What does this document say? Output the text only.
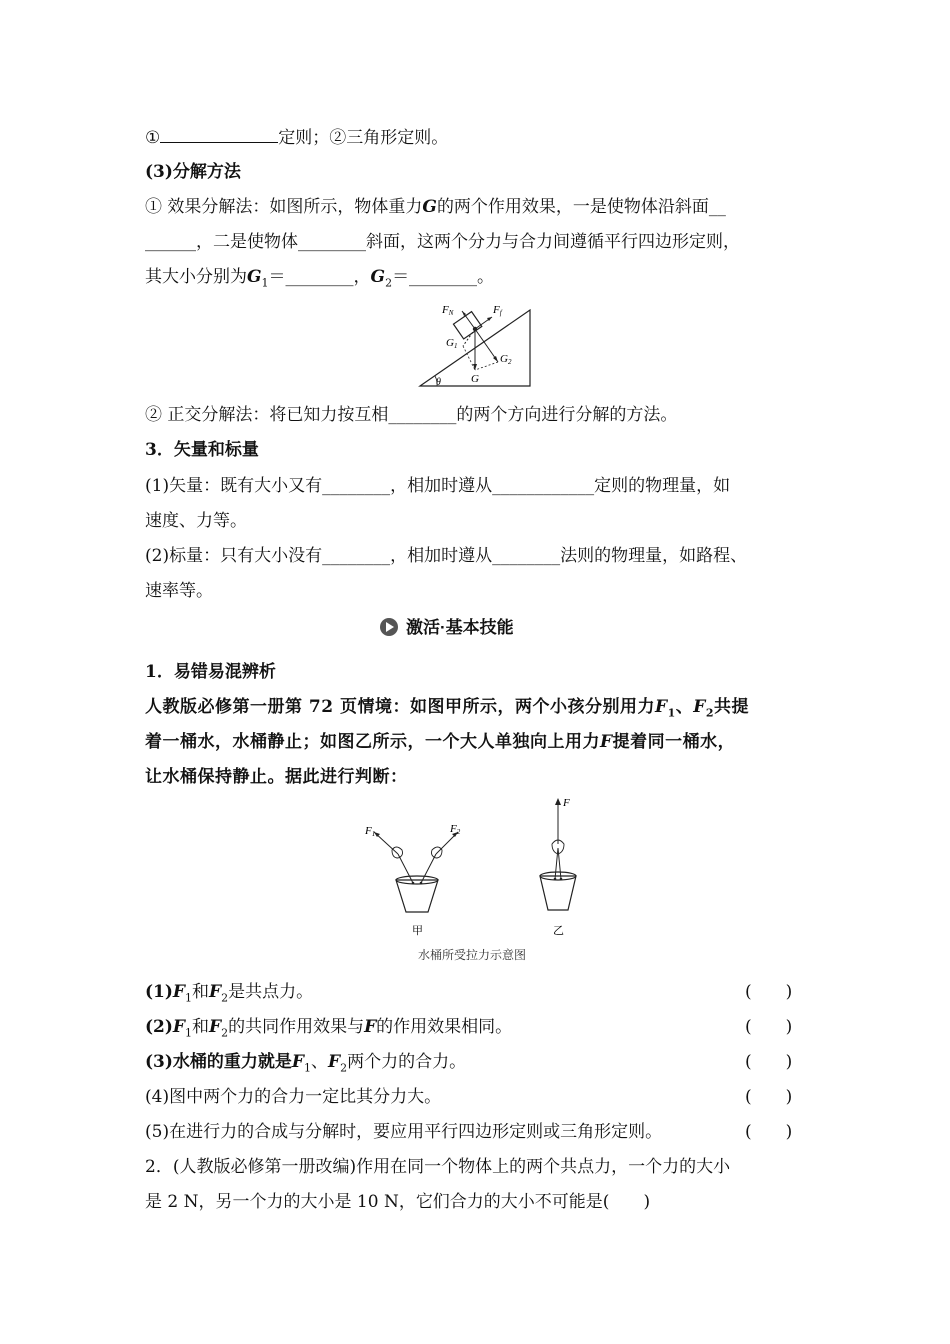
①	定则；②三角形定则。
(3)分解方法
① 效果分解法：如图所示，物体重力G的两个作用效果，一是使物体沿斜面__
______，二是使物体________斜面，这两个分力与合力间遵循平行四边形定则，
其大小分别为$G_1=\_\_\_\_\_\_\_\_$，$G_2=\_\_\_\_\_\_\_\_$。
FN	Ff
G1
G2
G
θ
② 正交分解法：将已知力按互相________的两个方向进行分解的方法。
3．矢量和标量
(1)矢量：既有大小又有________，相加时遵从____________定则的物理量，如
速度、力等。
(2)标量：只有大小没有________，相加时遵从________法则的物理量，如路程、
速率等。
激活·基本技能
1．易错易混辨析
人教版必修第一册第 72 页情境：如图甲所示，两个小孩分别用力$F_1$、$F_2$共提
着一桶水，水桶静止；如图乙所示，一个大人单独向上用力F提着同一桶水，
让水桶保持静止。据此进行判断：
F1	F2
F
甲	乙
水桶所受拉力示意图
$(1)F_1$和$F_2$是共点力。	(　　)
$(2)F_1$和$F_2$的共同作用效果与F的作用效果相同。	(　　)
(3)水桶的重力就是$F_1$、$F_2$两个力的合力。	(　　)
(4)图中两个力的合力一定比其分力大。	(　　)
(5)在进行力的合成与分解时，要应用平行四边形定则或三角形定则。	(　　)
2．(人教版必修第一册改编)作用在同一个物体上的两个共点力，一个力的大小
是 2 N，另一个力的大小是 10 N，它们合力的大小不可能是(　　)
